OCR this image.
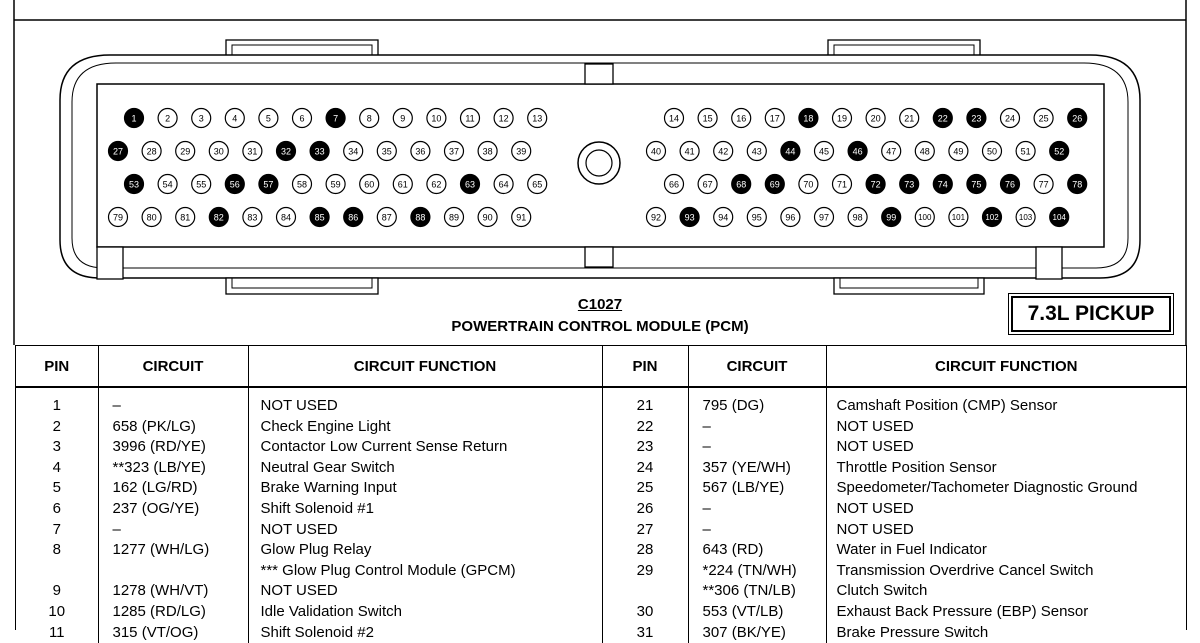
1	2	3	4	5	6	7	8	9	10	11	12	13	14	15	16	17	18	19	20	21	22	23	24	25	26
27	28	29	30	31	32	33	34	35	36	37	38	39	40	41	42	43	44	45	46	47	48	49	50	51	52
53	54	55	56	57	58	59	60	61	62	63	64	65	66	67	68	69	70	71	72	73	74	75	76	77	78
79	80	81	82	83	84	85	86	87	88	89	90	91	92	93	94	95	96	97	98	99	100	101	102	103	104
C1027
POWERTRAIN CONTROL MODULE (PCM)
7.3L PICKUP
PIN	CIRCUIT	CIRCUIT FUNCTION	PIN	CIRCUIT	CIRCUIT FUNCTION
1	–	NOT USED	21	795 (DG)	Camshaft Position (CMP) Sensor
2	658 (PK/LG)	Check Engine Light	22	–	NOT USED
3	3996 (RD/YE)	Contactor Low Current Sense Return	23	–	NOT USED
4	**323 (LB/YE)	Neutral Gear Switch	24	357 (YE/WH)	Throttle Position Sensor
5	162 (LG/RD)	Brake Warning Input	25	567 (LB/YE)	Speedometer/Tachometer Diagnostic Ground
6	237 (OG/YE)	Shift Solenoid #1	26	–	NOT USED
7	–	NOT USED	27	–	NOT USED
8	1277 (WH/LG)	Glow Plug Relay	28	643 (RD)	Water in Fuel Indicator
		*** Glow Plug Control Module (GPCM)	29	*224 (TN/WH)	Transmission Overdrive Cancel Switch
9	1278 (WH/VT)	NOT USED		**306 (TN/LB)	Clutch Switch
10	1285 (RD/LG)	Idle Validation Switch	30	553 (VT/LB)	Exhaust Back Pressure (EBP) Sensor
11	315 (VT/OG)	Shift Solenoid #2	31	307 (BK/YE)	Brake Pressure Switch
